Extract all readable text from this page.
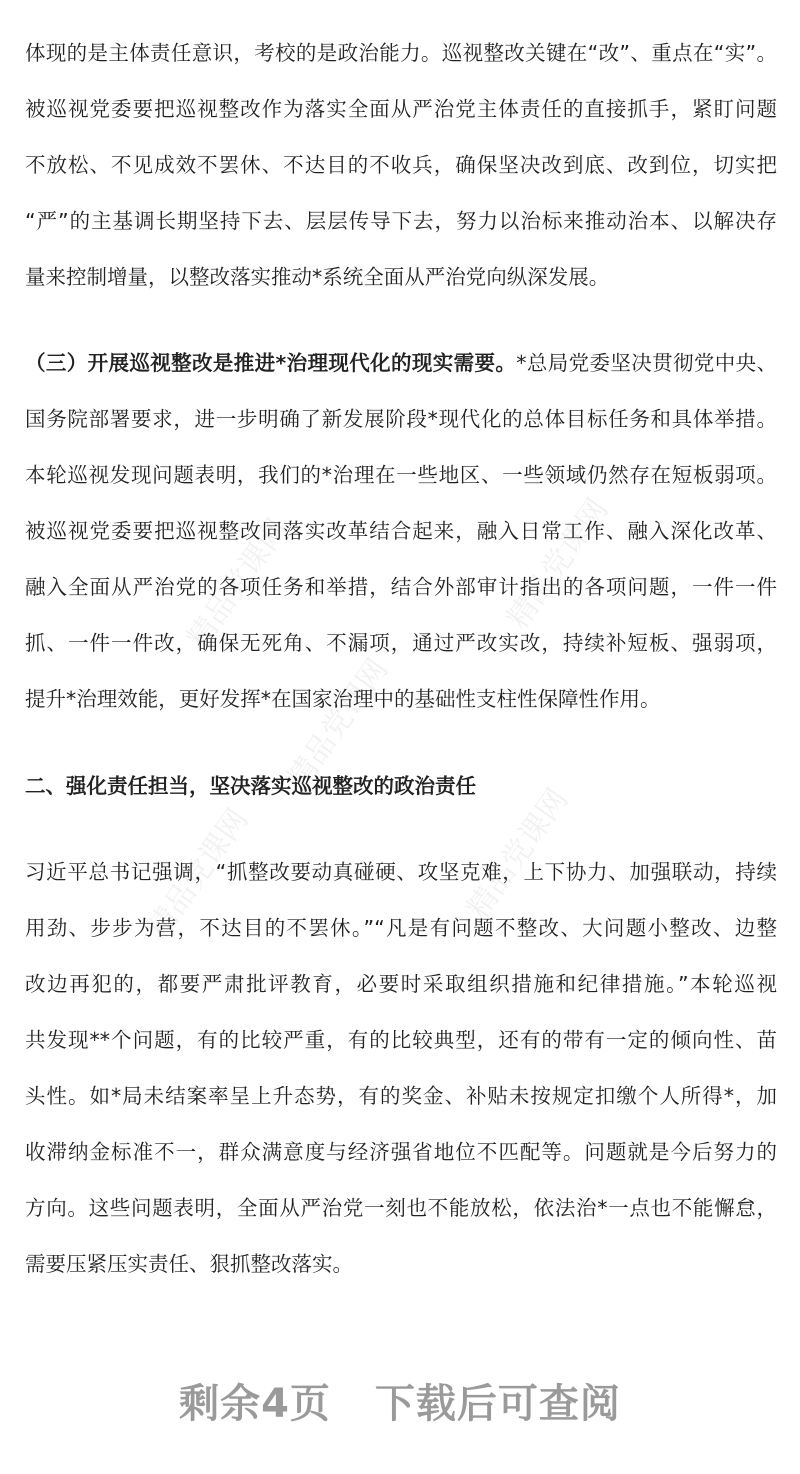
精品党课网	精品党课网
精品党课网
精品党课网	精品党课网
体现的是主体责任意识，考校的是政治能力。巡视整改关键在“改”、重点在“实”。
被巡视党委要把巡视整改作为落实全面从严治党主体责任的直接抓手，紧盯问题
不放松、不见成效不罢休、不达目的不收兵，确保坚决改到底、改到位，切实把
“严”的主基调长期坚持下去、层层传导下去，努力以治标来推动治本、以解决存
量来控制增量，以整改落实推动*系统全面从严治党向纵深发展。
（三）开展巡视整改是推进*治理现代化的现实需要。*总局党委坚决贯彻党中央、
国务院部署要求，进一步明确了新发展阶段*现代化的总体目标任务和具体举措。
本轮巡视发现问题表明，我们的*治理在一些地区、一些领域仍然存在短板弱项。
被巡视党委要把巡视整改同落实改革结合起来，融入日常工作、融入深化改革、
融入全面从严治党的各项任务和举措，结合外部审计指出的各项问题，一件一件
抓、一件一件改，确保无死角、不漏项，通过严改实改，持续补短板、强弱项，
提升*治理效能，更好发挥*在国家治理中的基础性支柱性保障性作用。
二、强化责任担当，坚决落实巡视整改的政治责任
习近平总书记强调，“抓整改要动真碰硬、攻坚克难，上下协力、加强联动，持续
用劲、步步为营，不达目的不罢休。”“凡是有问题不整改、大问题小整改、边整
改边再犯的，都要严肃批评教育，必要时采取组织措施和纪律措施。”本轮巡视
共发现**个问题，有的比较严重，有的比较典型，还有的带有一定的倾向性、苗
头性。如*局未结案率呈上升态势，有的奖金、补贴未按规定扣缴个人所得*，加
收滞纳金标准不一，群众满意度与经济强省地位不匹配等。问题就是今后努力的
方向。这些问题表明，全面从严治党一刻也不能放松，依法治*一点也不能懈怠，
需要压紧压实责任、狠抓整改落实。
剩余4页 下载后可查阅
